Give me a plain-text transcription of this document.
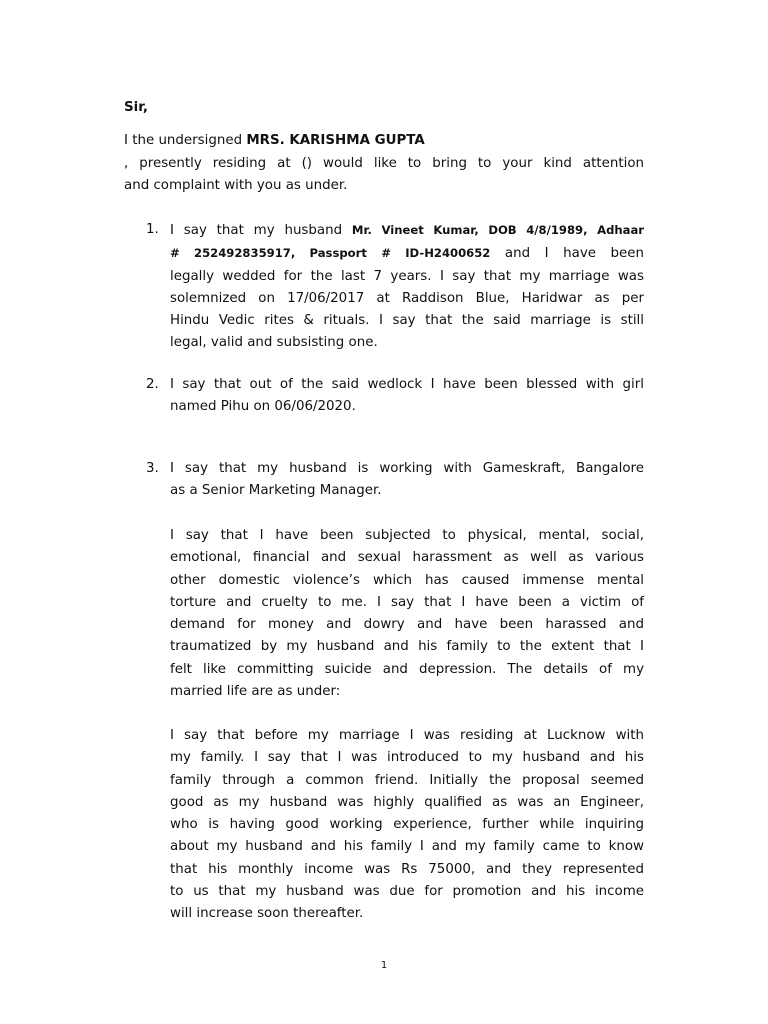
Sir,
I the undersigned MRS. KARISHMA GUPTA
, presently residing at () would like to bring to your kind attention
and complaint with you as under.
1. I say that my husband Mr. Vineet Kumar, DOB 4/8/1989, Adhaar
# 252492835917, Passport # ID-H2400652 and I have been
legally wedded for the last 7 years. I say that my marriage was
solemnized on 17/06/2017 at Raddison Blue, Haridwar as per
Hindu Vedic rites & rituals. I say that the said marriage is still
legal, valid and subsisting one.
2. I say that out of the said wedlock I have been blessed with girl
named Pihu on 06/06/2020.
3. I say that my husband is working with Gameskraft, Bangalore
as a Senior Marketing Manager.
I say that I have been subjected to physical, mental, social,
emotional, financial and sexual harassment as well as various
other domestic violence’s which has caused immense mental
torture and cruelty to me. I say that I have been a victim of
demand for money and dowry and have been harassed and
traumatized by my husband and his family to the extent that I
felt like committing suicide and depression. The details of my
married life are as under:
I say that before my marriage I was residing at Lucknow with
my family. I say that I was introduced to my husband and his
family through a common friend. Initially the proposal seemed
good as my husband was highly qualified as was an Engineer,
who is having good working experience, further while inquiring
about my husband and his family I and my family came to know
that his monthly income was Rs 75000, and they represented
to us that my husband was due for promotion and his income
will increase soon thereafter.
1
